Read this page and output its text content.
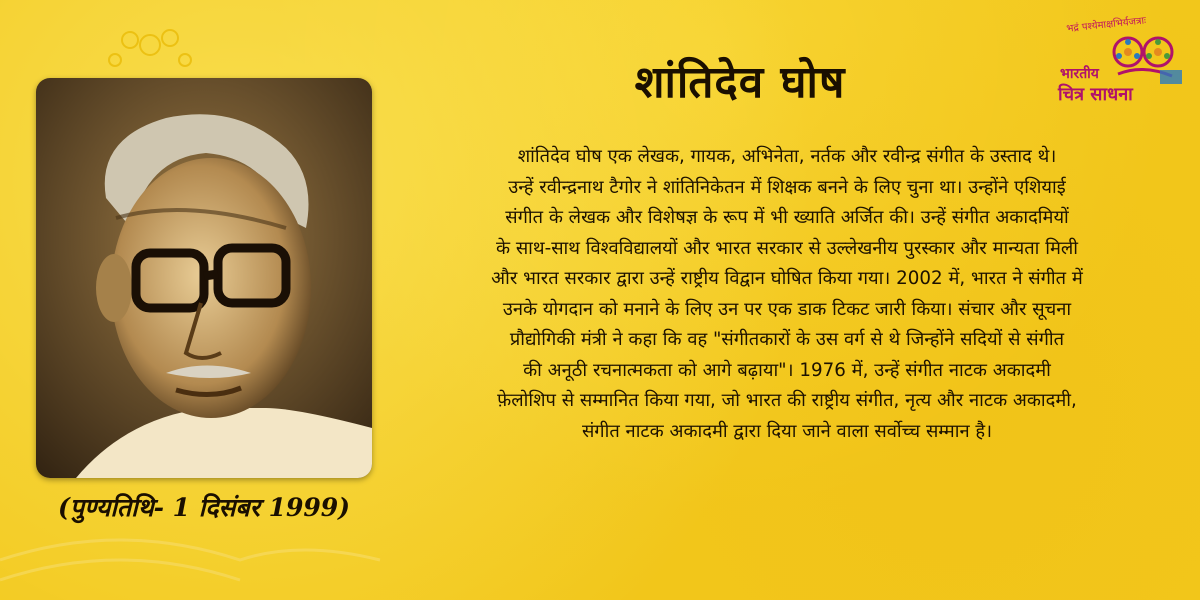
(पुण्यतिथि- 1 दिसंबर 1999)
शांतिदेव घोष
शांतिदेव घोष एक लेखक, गायक, अभिनेता, नर्तक और रवीन्द्र संगीत के उस्ताद थे।
उन्हें रवीन्द्रनाथ टैगोर ने शांतिनिकेतन में शिक्षक बनने के लिए चुना था। उन्होंने एशियाई
संगीत के लेखक और विशेषज्ञ के रूप में भी ख्याति अर्जित की। उन्हें संगीत अकादमियों
के साथ-साथ विश्वविद्यालयों और भारत सरकार से उल्लेखनीय पुरस्कार और मान्यता मिली
और भारत सरकार द्वारा उन्हें राष्ट्रीय विद्वान घोषित किया गया। 2002 में, भारत ने संगीत में
उनके योगदान को मनाने के लिए उन पर एक डाक टिकट जारी किया। संचार और सूचना
प्रौद्योगिकी मंत्री ने कहा कि वह "संगीतकारों के उस वर्ग से थे जिन्होंने सदियों से संगीत
की अनूठी रचनात्मकता को आगे बढ़ाया"। 1976 में, उन्हें संगीत नाटक अकादमी
फ़ेलोशिप से सम्मानित किया गया, जो भारत की राष्ट्रीय संगीत, नृत्य और नाटक अकादमी,
संगीत नाटक अकादमी द्वारा दिया जाने वाला सर्वोच्च सम्मान है।
भद्रं पश्येमाक्षभिर्यजत्राः
भारतीय
चित्र साधना
